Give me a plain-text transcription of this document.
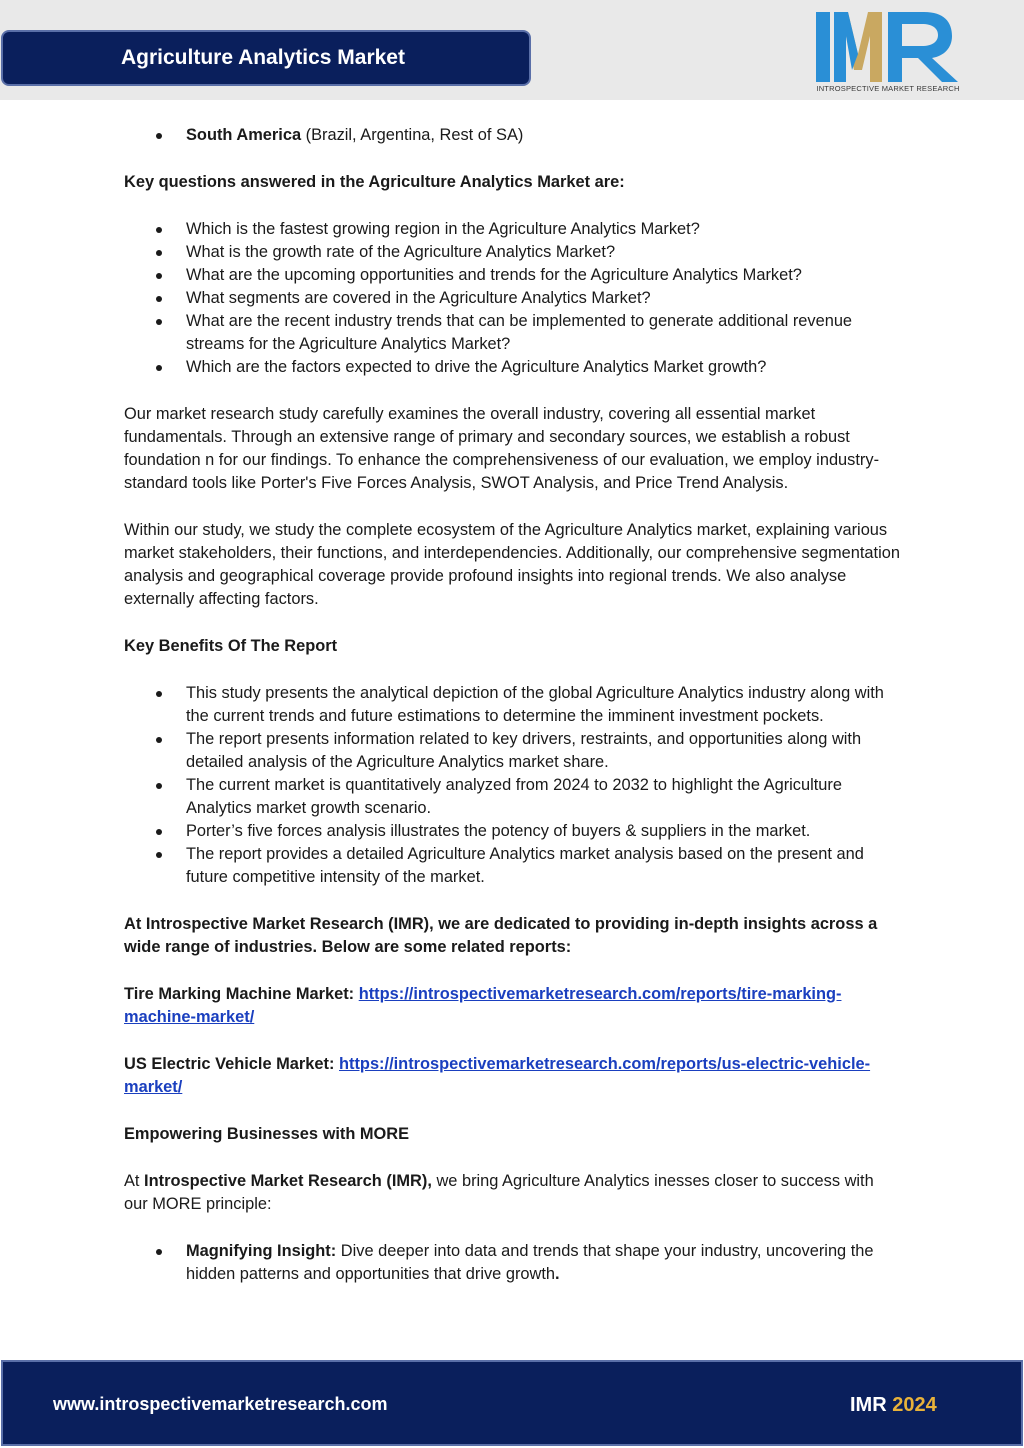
Agriculture Analytics Market
INTROSPECTIVE MARKET RESEARCH
South America (Brazil, Argentina, Rest of SA)

Key questions answered in the Agriculture Analytics Market are:

Which is the fastest growing region in the Agriculture Analytics Market?
What is the growth rate of the Agriculture Analytics Market?
What are the upcoming opportunities and trends for the Agriculture Analytics Market?
What segments are covered in the Agriculture Analytics Market?
What are the recent industry trends that can be implemented to generate additional revenue streams for the Agriculture Analytics Market?
Which are the factors expected to drive the Agriculture Analytics Market growth?

Our market research study carefully examines the overall industry, covering all essential market fundamentals. Through an extensive range of primary and secondary sources, we establish a robust foundation n for our findings. To enhance the comprehensiveness of our evaluation, we employ industry-standard tools like Porter's Five Forces Analysis, SWOT Analysis, and Price Trend Analysis.

Within our study, we study the complete ecosystem of the Agriculture Analytics market, explaining various market stakeholders, their functions, and interdependencies. Additionally, our comprehensive segmentation analysis and geographical coverage provide profound insights into regional trends. We also analyse externally affecting factors.

Key Benefits Of The Report

This study presents the analytical depiction of the global Agriculture Analytics industry along with the current trends and future estimations to determine the imminent investment pockets.
The report presents information related to key drivers, restraints, and opportunities along with detailed analysis of the Agriculture Analytics market share.
The current market is quantitatively analyzed from 2024 to 2032 to highlight the Agriculture Analytics market growth scenario.
Porter’s five forces analysis illustrates the potency of buyers & suppliers in the market.
The report provides a detailed Agriculture Analytics market analysis based on the present and future competitive intensity of the market.

At Introspective Market Research (IMR), we are dedicated to providing in-depth insights across a wide range of industries. Below are some related reports:

Tire Marking Machine Market: https://introspectivemarketresearch.com/reports/tire-marking-machine-market/

US Electric Vehicle Market: https://introspectivemarketresearch.com/reports/us-electric-vehicle-market/

Empowering Businesses with MORE

At Introspective Market Research (IMR), we bring Agriculture Analytics inesses closer to success with our MORE principle:

Magnifying Insight: Dive deeper into data and trends that shape your industry, uncovering the hidden patterns and opportunities that drive growth.
www.introspectivemarketresearch.com	IMR 2024
